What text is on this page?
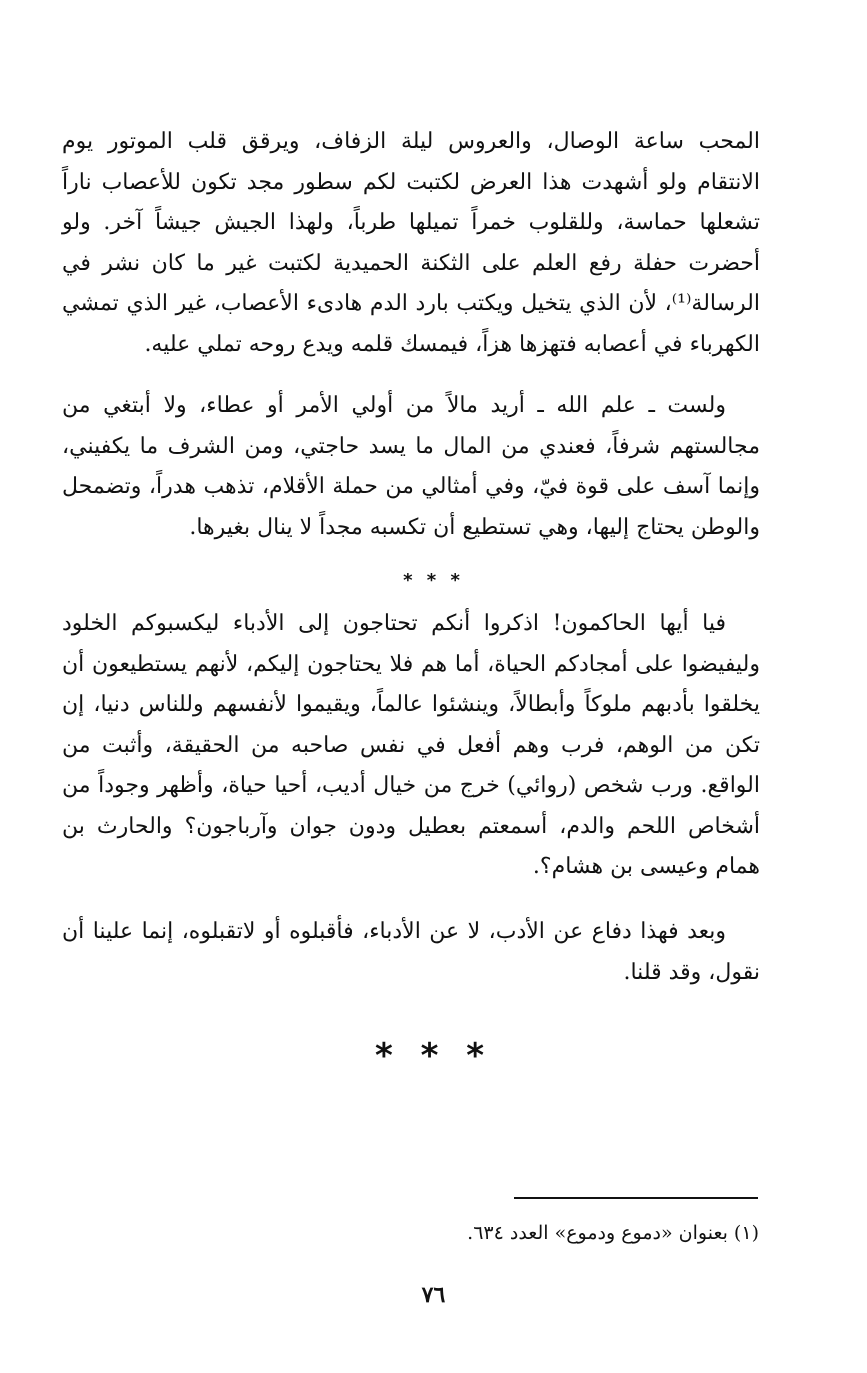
المحب ساعة الوصال، والعروس ليلة الزفاف، ويرقق قلب الموتور يوم الانتقام ولو أشهدت هذا العرض لكتبت لكم سطور مجد تكون للأعصاب ناراً تشعلها حماسة، وللقلوب خمراً تميلها طرباً، ولهذا الجيش جيشاً آخر. ولو أحضرت حفلة رفع العلم على الثكنة الحميدية لكتبت غير ما كان نشر في الرسالة⁽¹⁾، لأن الذي يتخيل ويكتب بارد الدم هادىء الأعصاب، غير الذي تمشي الكهرباء في أعصابه فتهزها هزاً، فيمسك قلمه ويدع روحه تملي عليه.

ولست ـ علم الله ـ أريد مالاً من أولي الأمر أو عطاء، ولا أبتغي من مجالستهم شرفاً، فعندي من المال ما يسد حاجتي، ومن الشرف ما يكفيني، وإنما آسف على قوة فيّ، وفي أمثالي من حملة الأقلام، تذهب هدراً، وتضمحل والوطن يحتاج إليها، وهي تستطيع أن تكسبه مجداً لا ينال بغيرها.

* * *

فيا أيها الحاكمون! اذكروا أنكم تحتاجون إلى الأدباء ليكسبوكم الخلود وليفيضوا على أمجادكم الحياة، أما هم فلا يحتاجون إليكم، لأنهم يستطيعون أن يخلقوا بأدبهم ملوكاً وأبطالاً، وينشئوا عالماً، ويقيموا لأنفسهم وللناس دنيا، إن تكن من الوهم، فرب وهم أفعل في نفس صاحبه من الحقيقة، وأثبت من الواقع. ورب شخص (روائي) خرج من خيال أديب، أحيا حياة، وأظهر وجوداً من أشخاص اللحم والدم، أسمعتم بعطيل ودون جوان وآرباجون؟ والحارث بن همام وعيسى بن هشام؟.

وبعد فهذا دفاع عن الأدب، لا عن الأدباء، فأقبلوه أو لاتقبلوه، إنما علينا أن نقول، وقد قلنا.

* * *
(١) بعنوان «دموع ودموع» العدد ٦٣٤.
٧٦
